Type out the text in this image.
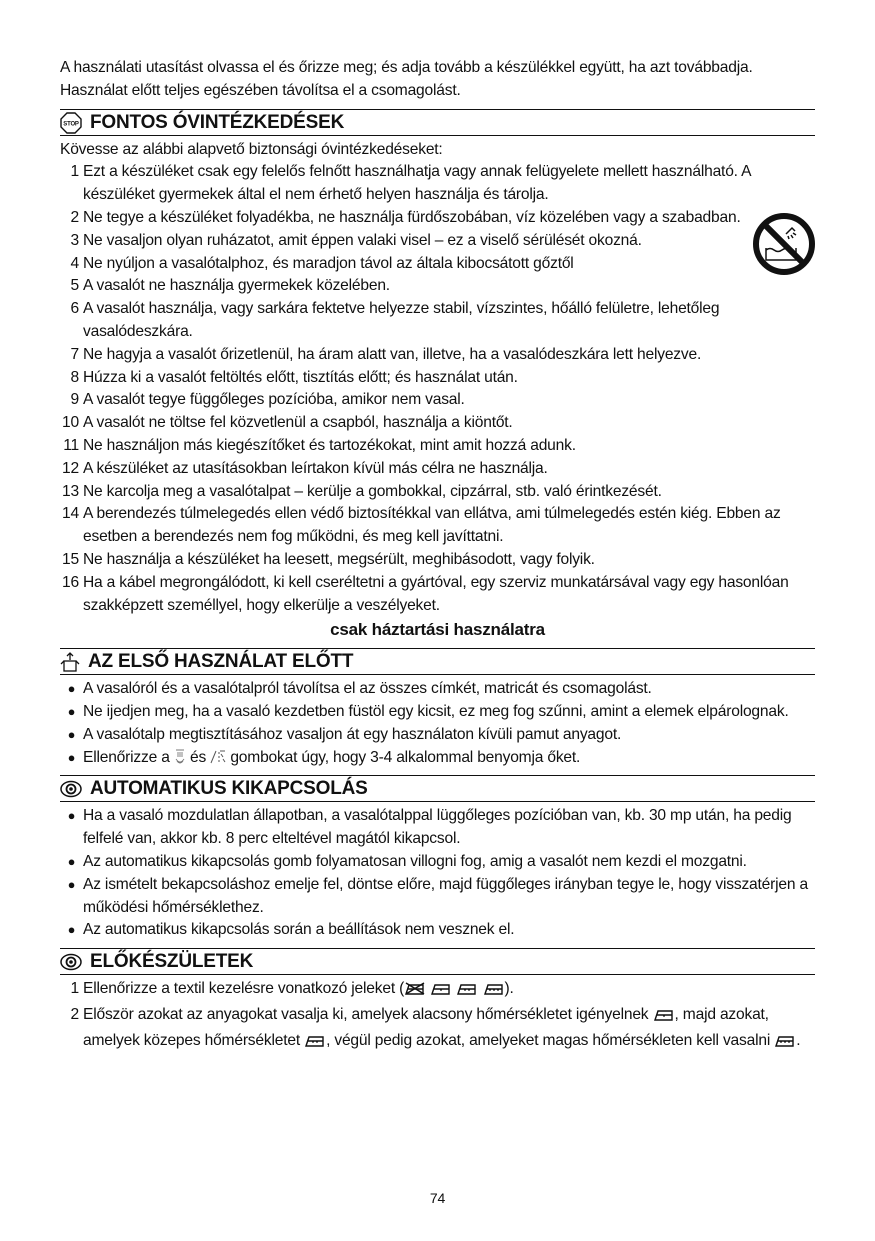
A használati utasítást olvassa el és őrizze meg; és adja tovább a készülékkel együtt, ha azt továbbadja. Használat előtt teljes egészében távolítsa el a csomagolást.
STOP FONTOS ÓVINTÉZKEDÉSEK
Kövesse az alábbi alapvető biztonsági óvintézkedéseket:
1 Ezt a készüléket csak egy felelős felnőtt használhatja vagy annak felügyelete mellett használható. A készüléket gyermekek által el nem érhető helyen használja és tárolja.
2 Ne tegye a készüléket folyadékba, ne használja fürdőszobában, víz közelében vagy a szabadban.
3 Ne vasaljon olyan ruházatot, amit éppen valaki visel – ez a viselő sérülését okozná.
4 Ne nyúljon a vasalótalphoz, és maradjon távol az általa kibocsátott gőztől
5 A vasalót ne használja gyermekek közelében.
6 A vasalót használja, vagy sarkára fektetve helyezze stabil, vízszintes, hőálló felületre, lehetőleg vasalódeszkára.
7 Ne hagyja a vasalót őrizetlenül, ha áram alatt van, illetve, ha a vasalódeszkára lett helyezve.
8 Húzza ki a vasalót feltöltés előtt, tisztítás előtt; és használat után.
9 A vasalót tegye függőleges pozícióba, amikor nem vasal.
10 A vasalót ne töltse fel közvetlenül a csapból, használja a kiöntőt.
11 Ne használjon más kiegészítőket és tartozékokat, mint amit hozzá adunk.
12 A készüléket az utasításokban leírtakon kívül más célra ne használja.
13 Ne karcolja meg a vasalótalpat – kerülje a gombokkal, cipzárral, stb. való érintkezését.
14 A berendezés túlmelegedés ellen védő biztosítékkal van ellátva, ami túlmelegedés estén kiég. Ebben az esetben a berendezés nem fog működni, és meg kell javíttatni.
15 Ne használja a készüléket ha leesett, megsérült, meghibásodott, vagy folyik.
16 Ha a kábel megrongálódott, ki kell cseréltetni a gyártóval, egy szerviz munkatársával vagy egy hasonlóan szakképzett személlyel, hogy elkerülje a veszélyeket.
csak háztartási használatra
AZ ELSŐ HASZNÁLAT ELŐTT
● A vasalóról és a vasalótalpról távolítsa el az összes címkét, matricát és csomagolást.
● Ne ijedjen meg, ha a vasaló kezdetben füstöl egy kicsit, ez meg fog szűnni, amint a elemek elpárolognak.
● A vasalótalp megtisztításához vasaljon át egy használaton kívüli pamut anyagot.
● Ellenőrizze a és gombokat úgy, hogy 3-4 alkalommal benyomja őket.
AUTOMATIKUS KIKAPCSOLÁS
● Ha a vasaló mozdulatlan állapotban, a vasalótalppal lüggőleges pozícióban van, kb. 30 mp után, ha pedig felfelé van, akkor kb. 8 perc elteltével magától kikapcsol.
● Az automatikus kikapcsolás gomb folyamatosan villogni fog, amig a vasalót nem kezdi el mozgatni.
● Az ismételt bekapcsoláshoz emelje fel, döntse előre, majd függőleges irányban tegye le, hogy visszatérjen a működési hőmérséklethez.
● Az automatikus kikapcsolás során a beállítások nem vesznek el.
ELŐKÉSZÜLETEK
1 Ellenőrizze a textil kezelésre vonatkozó jeleket (	).
2 Először azokat az anyagokat vasalja ki, amelyek alacsony hőmérsékletet igényelnek , majd azokat, amelyek közepes hőmérsékletet , végül pedig azokat, amelyeket magas hőmérsékleten kell vasalni .
74
